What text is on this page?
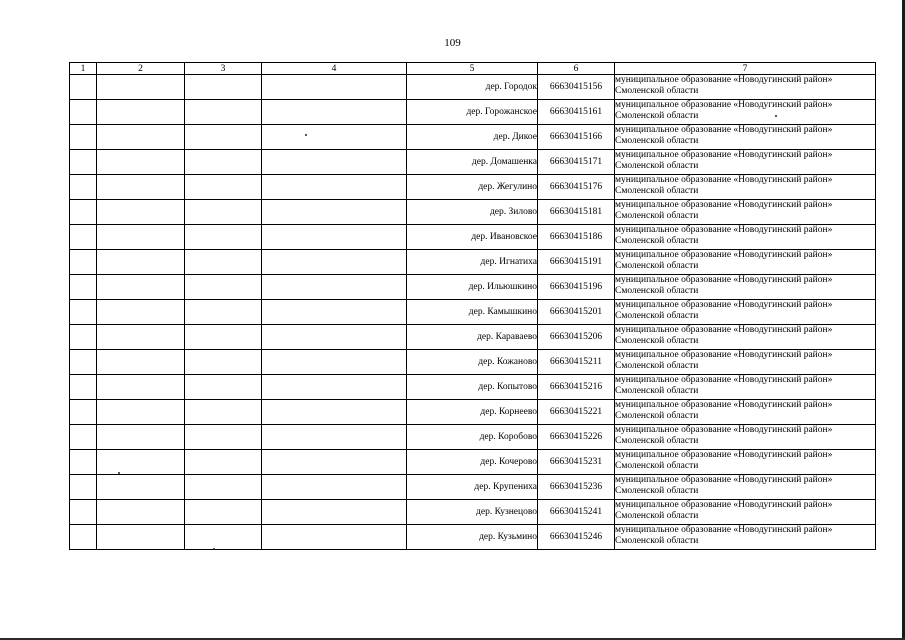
109
1	2	3	4	5	6	7
				дер. Городок	66630415156	муниципальное образование «Новодугинский район»
Смоленской области

				дер. Горожанское	66630415161	муниципальное образование «Новодугинский район»
Смоленской области

				дер. Дикое	66630415166	муниципальное образование «Новодугинский район»
Смоленской области

				дер. Домашенка	66630415171	муниципальное образование «Новодугинский район»
Смоленской области

				дер. Жегулино	66630415176	муниципальное образование «Новодугинский район»
Смоленской области

				дер. Зилово	66630415181	муниципальное образование «Новодугинский район»
Смоленской области

				дер. Ивановское	66630415186	муниципальное образование «Новодугинский район»
Смоленской области

				дер. Игнатиха	66630415191	муниципальное образование «Новодугинский район»
Смоленской области

				дер. Ильюшкино	66630415196	муниципальное образование «Новодугинский район»
Смоленской области

				дер. Камышкино	66630415201	муниципальное образование «Новодугинский район»
Смоленской области

				дер. Караваево	66630415206	муниципальное образование «Новодугинский район»
Смоленской области

				дер. Кожаново	66630415211	муниципальное образование «Новодугинский район»
Смоленской области

				дер. Копытово	66630415216	муниципальное образование «Новодугинский район»
Смоленской области

				дер. Корнеево	66630415221	муниципальное образование «Новодугинский район»
Смоленской области

				дер. Коробово	66630415226	муниципальное образование «Новодугинский район»
Смоленской области

				дер. Кочерово	66630415231	муниципальное образование «Новодугинский район»
Смоленской области

				дер. Крупениха	66630415236	муниципальное образование «Новодугинский район»
Смоленской области

				дер. Кузнецово	66630415241	муниципальное образование «Новодугинский район»
Смоленской области

				дер. Кузьмино	66630415246	муниципальное образование «Новодугинский район»
Смоленской области
